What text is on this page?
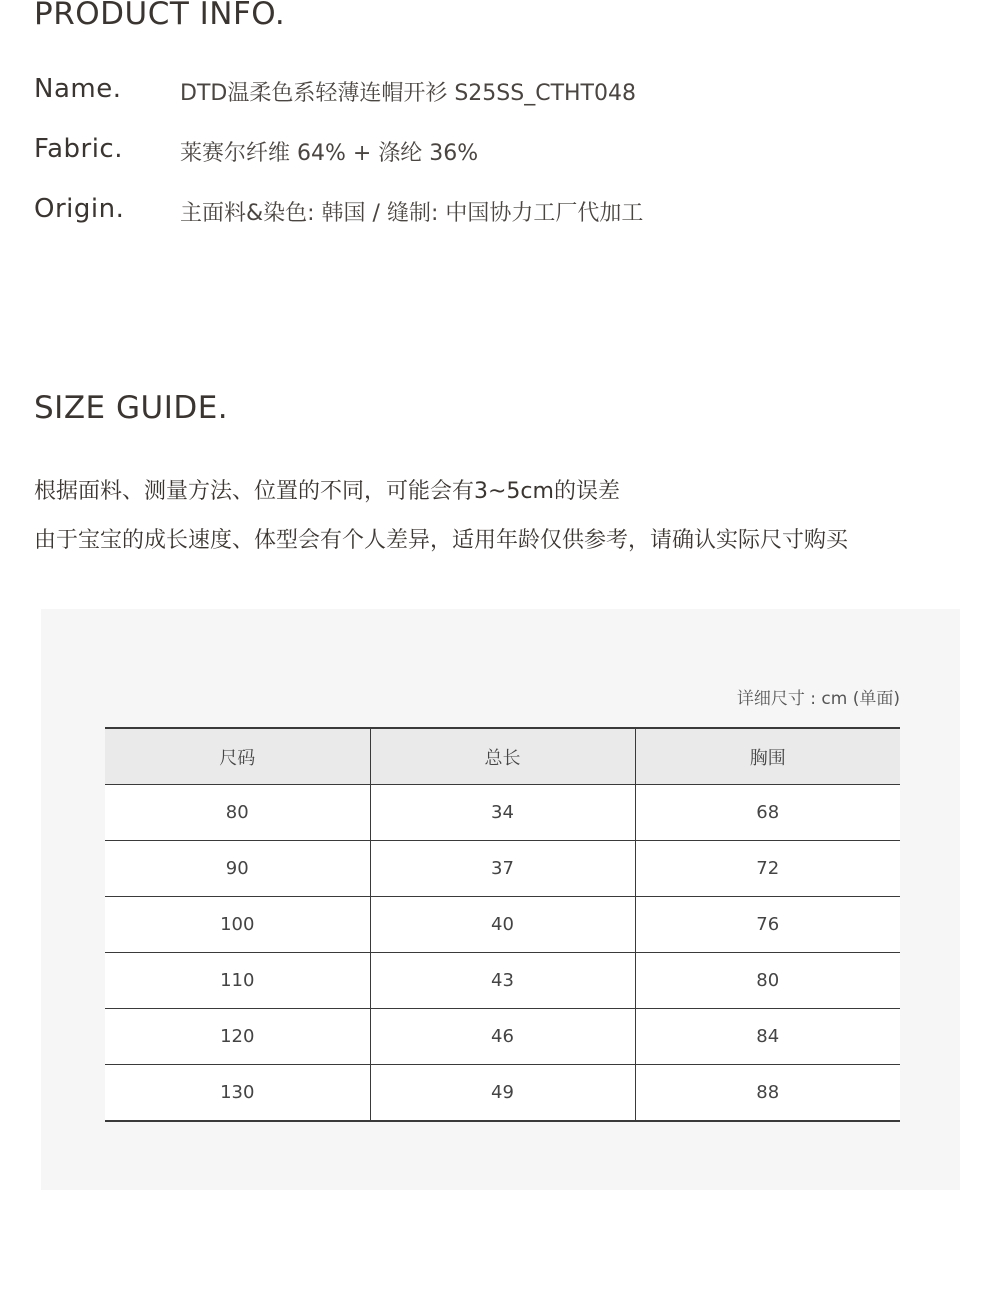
PRODUCT INFO.
Name.	DTD温柔色系轻薄连帽开衫 S25SS_CTHT048
Fabric.	莱赛尔纤维 64% + 涤纶 36%
Origin.	主面料&染色: 韩国 / 缝制: 中国协力工厂代加工
SIZE GUIDE.
根据面料、测量方法、位置的不同，可能会有3~5cm的误差
由于宝宝的成长速度、体型会有个人差异，适用年龄仅供参考，请确认实际尺寸购买
详细尺寸 : cm (单面)
尺码	总长	胸围
80	34	68
90	37	72
100	40	76
110	43	80
120	46	84
130	49	88
